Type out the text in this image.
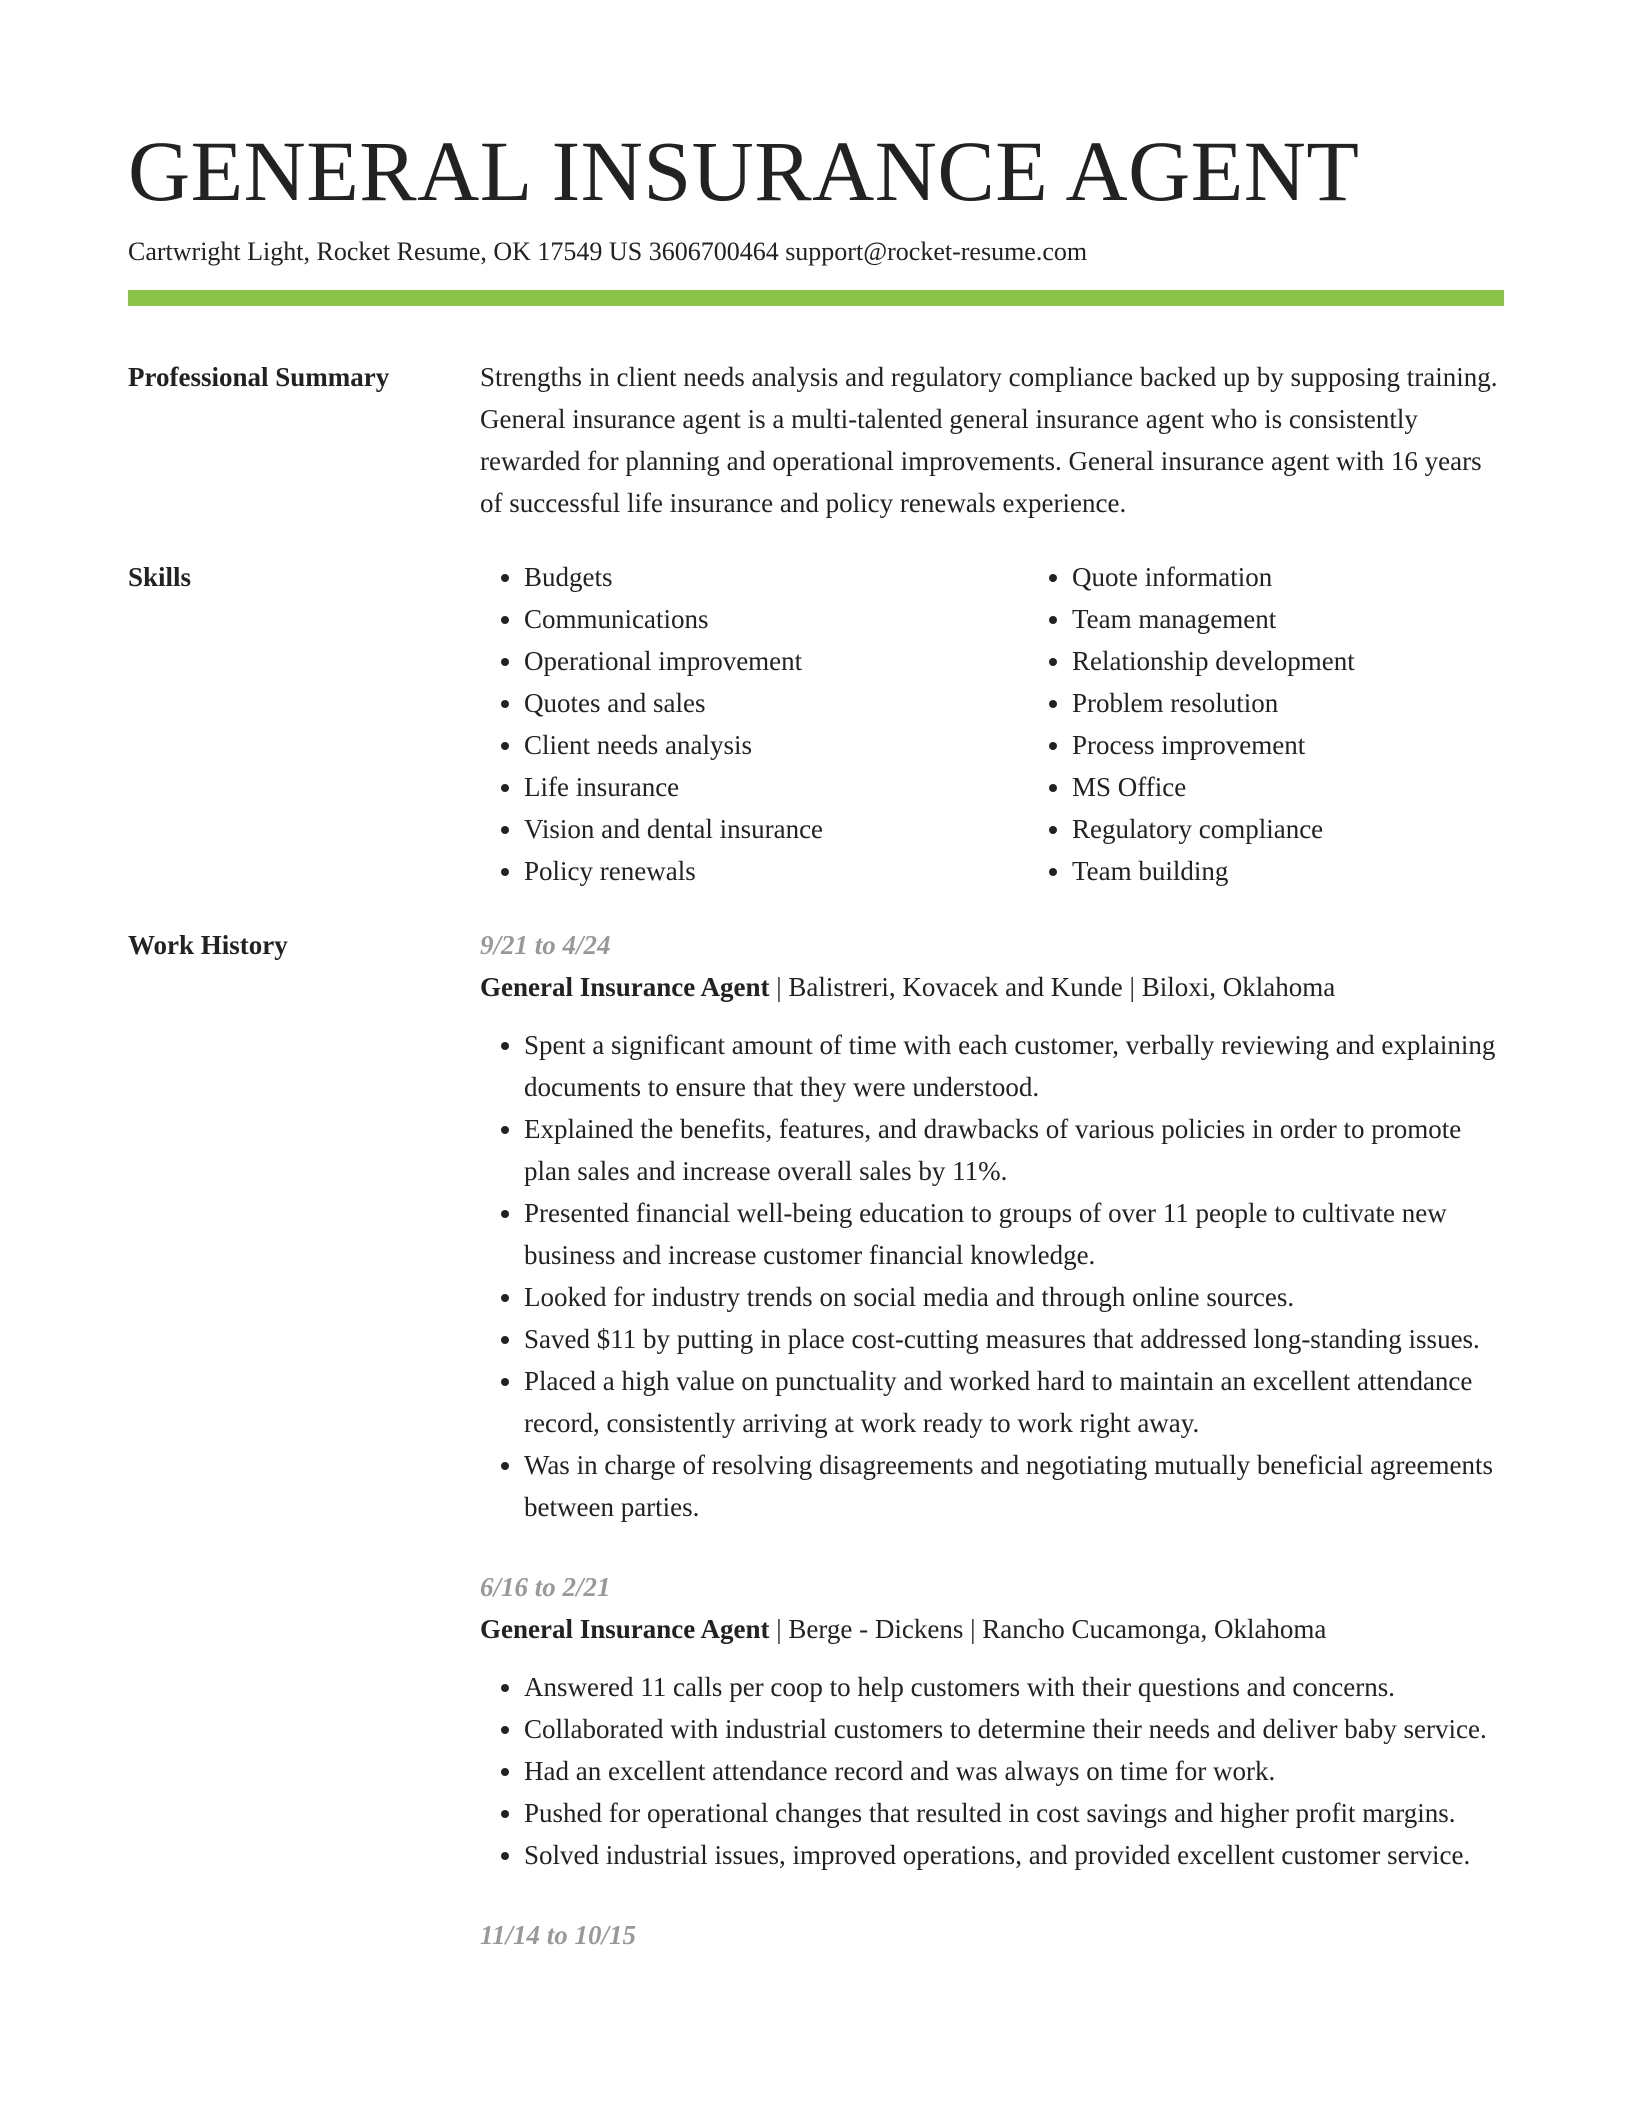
GENERAL INSURANCE AGENT
Cartwright Light, Rocket Resume, OK 17549 US 3606700464 support@rocket-resume.com
Professional Summary	Strengths in client needs analysis and regulatory compliance backed up by supposing training. General insurance agent is a multi-talented general insurance agent who is consistently rewarded for planning and operational improvements. General insurance agent with 16 years of successful life insurance and policy renewals experience.
Skills
•	Budgets
• Communications
• Operational improvement
• Quotes and sales
• Client needs analysis
• Life insurance
• Vision and dental insurance
• Policy renewals
• Quote information
• Team management
• Relationship development
• Problem resolution
• Process improvement
• MS Office
• Regulatory compliance
• Team building
Work History	9/21 to 4/24
General Insurance Agent | Balistreri, Kovacek and Kunde | Biloxi, Oklahoma
• Spent a significant amount of time with each customer, verbally reviewing and explaining documents to ensure that they were understood.
• Explained the benefits, features, and drawbacks of various policies in order to promote plan sales and increase overall sales by 11%.
• Presented financial well-being education to groups of over 11 people to cultivate new business and increase customer financial knowledge.
• Looked for industry trends on social media and through online sources.
• Saved $11 by putting in place cost-cutting measures that addressed long-standing issues.
• Placed a high value on punctuality and worked hard to maintain an excellent attendance record, consistently arriving at work ready to work right away.
• Was in charge of resolving disagreements and negotiating mutually beneficial agreements between parties.
6/16 to 2/21
General Insurance Agent | Berge - Dickens | Rancho Cucamonga, Oklahoma
• Answered 11 calls per coop to help customers with their questions and concerns.
• Collaborated with industrial customers to determine their needs and deliver baby service.
• Had an excellent attendance record and was always on time for work.
• Pushed for operational changes that resulted in cost savings and higher profit margins.
• Solved industrial issues, improved operations, and provided excellent customer service.
11/14 to 10/15
